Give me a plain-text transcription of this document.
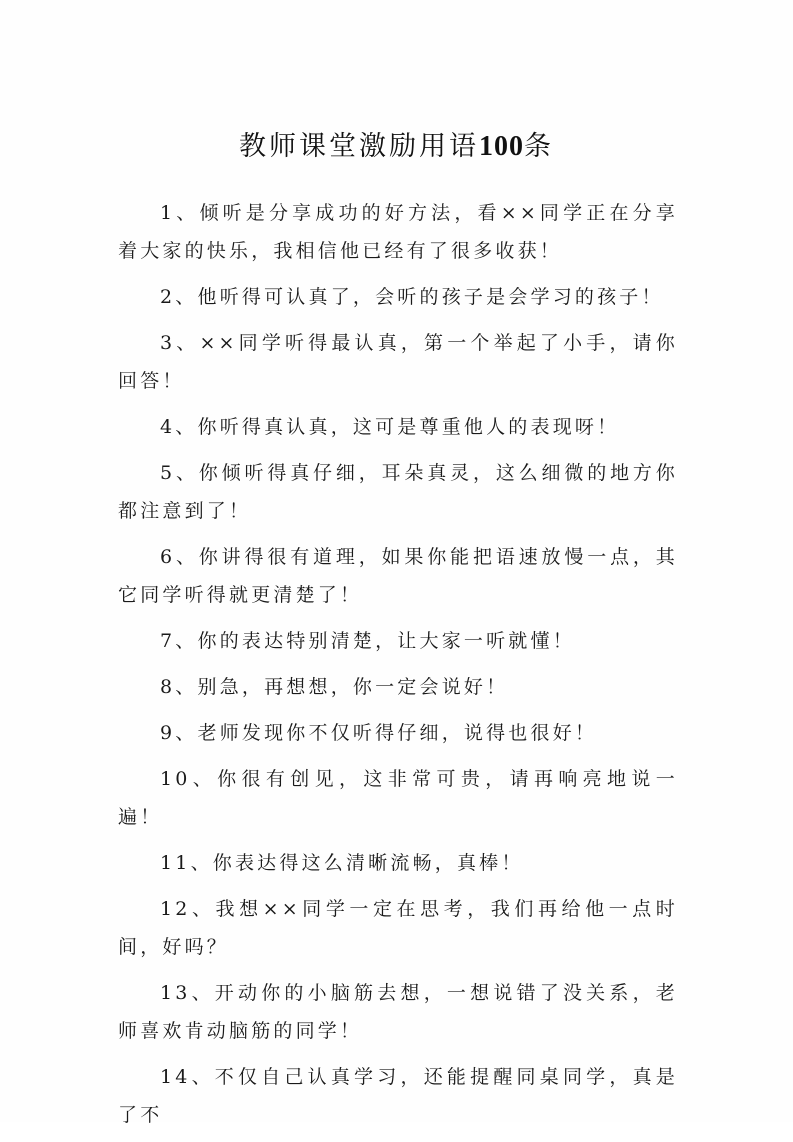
教师课堂激励用语100条

1、倾听是分享成功的好方法，看××同学正在分享着大家的快乐，我相信他已经有了很多收获！

2、他听得可认真了，会听的孩子是会学习的孩子！

3、××同学听得最认真，第一个举起了小手，请你回答！

4、你听得真认真，这可是尊重他人的表现呀！

5、你倾听得真仔细，耳朵真灵，这么细微的地方你都注意到了！

6、你讲得很有道理，如果你能把语速放慢一点，其它同学听得就更清楚了！

7、你的表达特别清楚，让大家一听就懂！

8、别急，再想想，你一定会说好！

9、老师发现你不仅听得仔细，说得也很好！

10、你很有创见，这非常可贵，请再响亮地说一遍！

11、你表达得这么清晰流畅，真棒！

12、我想××同学一定在思考，我们再给他一点时间，好吗？

13、开动你的小脑筋去想，一想说错了没关系，老师喜欢肯动脑筋的同学！

14、不仅自己认真学习，还能提醒同桌同学，真是了不
